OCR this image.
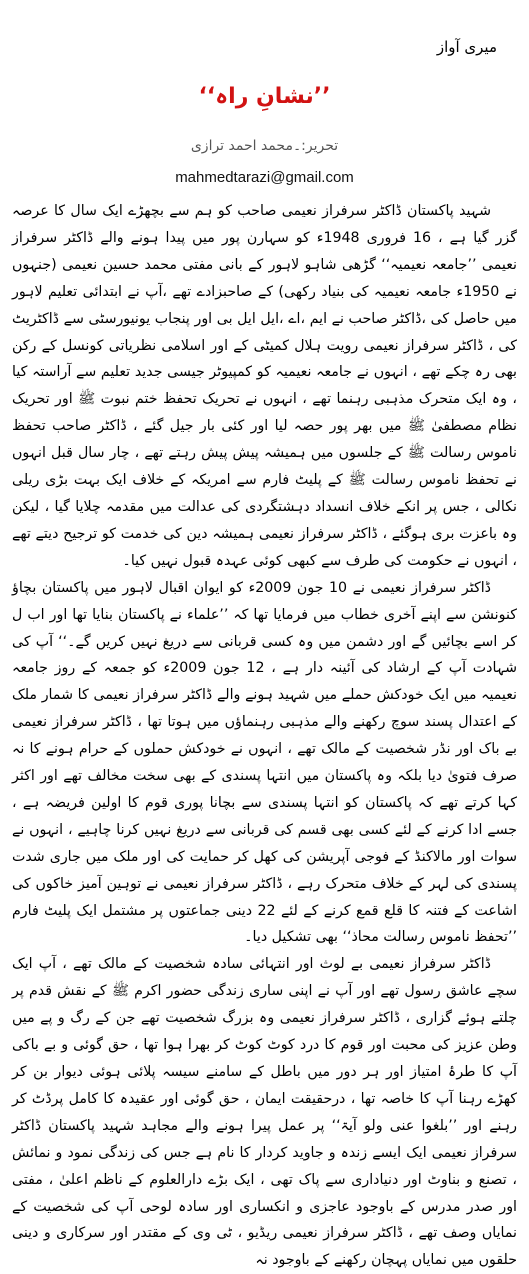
میری آواز
’’نشانِ راہ‘‘
تحریر:۔محمد احمد ترازی
mahmedtarazi@gmail.com

شہید پاکستان ڈاکٹر سرفراز نعیمی صاحب کو ہم سے بچھڑے ایک سال کا عرصہ گزر گیا ہے ، 16 فروری 1948ء کو سہارن پور میں پیدا ہونے والے ڈاکٹر سرفراز نعیمی ’’جامعہ نعیمیہ‘‘ گڑھی شاہو لاہور کے بانی مفتی محمد حسین نعیمی (جنہوں نے 1950ء جامعہ نعیمیہ کی بنیاد رکھی) کے صاحبزادے تھے ،آپ نے ابتدائی تعلیم لاہور میں حاصل کی ،ڈاکٹر صاحب نے ایم ،اے ،ایل ایل بی اور پنجاب یونیورسٹی سے ڈاکٹریٹ کی ، ڈاکٹر سرفراز نعیمی رویت ہلال کمیٹی کے اور اسلامی نظریاتی کونسل کے رکن بھی رہ چکے تھے ، انہوں نے جامعہ نعیمیہ کو کمپیوٹر جیسی جدید تعلیم سے آراستہ کیا ، وہ ایک متحرک مذہبی رہنما تھے ، انہوں نے تحریک تحفظ ختم نبوت ﷺ اور تحریک نظام مصطفیٰ ﷺ میں بھر پور حصہ لیا اور کئی بار جیل گئے ، ڈاکٹر صاحب تحفظ ناموس رسالت ﷺ کے جلسوں میں ہمیشہ پیش پیش رہتے تھے ، چار سال قبل انہوں نے تحفظ ناموس رسالت ﷺ کے پلیٹ فارم سے امریکہ کے خلاف ایک بہت بڑی ریلی نکالی ، جس پر انکے خلاف انسداد دہشتگردی کی عدالت میں مقدمہ چلایا گیا ، لیکن وہ باعزت بری ہوگئے ، ڈاکٹر سرفراز نعیمی ہمیشہ دین کی خدمت کو ترجیح دیتے تھے ، انہوں نے حکومت کی طرف سے کبھی کوئی عہدہ قبول نہیں کیا۔

ڈاکٹر سرفراز نعیمی نے 10 جون 2009ء کو ایوان اقبال لاہور میں پاکستان بچاؤ کنونشن سے اپنے آخری خطاب میں فرمایا تھا کہ ’’علماء نے پاکستان بنایا تھا اور اب ل کر اسے بچائیں گے اور دشمن میں وہ کسی قربانی سے دریغ نہیں کریں گے۔‘‘ آپ کی شہادت آپ کے ارشاد کی آئینہ دار ہے ، 12 جون 2009ء کو جمعہ کے روز جامعہ نعیمیہ میں ایک خودکش حملے میں شہید ہونے والے ڈاکٹر سرفراز نعیمی کا شمار ملک کے اعتدال پسند سوچ رکھنے والے مذہبی رہنماؤں میں ہوتا تھا ، ڈاکٹر سرفراز نعیمی بے باک اور نڈر شخصیت کے مالک تھے ، انہوں نے خودکش حملوں کے حرام ہونے کا نہ صرف فتویٰ دیا بلکہ وہ پاکستان میں انتہا پسندی کے بھی سخت مخالف تھے اور اکثر کہا کرتے تھے کہ پاکستان کو انتہا پسندی سے بچانا پوری قوم کا اولین فریضہ ہے ، جسے ادا کرنے کے لئے کسی بھی قسم کی قربانی سے دریغ نہیں کرنا چاہیے ، انہوں نے سوات اور مالاکنڈ کے فوجی آپریشن کی کھل کر حمایت کی اور ملک میں جاری شدت پسندی کی لہر کے خلاف متحرک رہے ، ڈاکٹر سرفراز نعیمی نے توہین آمیز خاکوں کی اشاعت کے فتنہ کا قلع قمع کرنے کے لئے 22 دینی جماعتوں پر مشتمل ایک پلیٹ فارم ’’تحفظ ناموس رسالت محاذ‘‘ بھی تشکیل دیا۔

ڈاکٹر سرفراز نعیمی بے لوث اور انتہائی سادہ شخصیت کے مالک تھے ، آپ ایک سچے عاشق رسول تھے اور آپ نے اپنی ساری زندگی حضور اکرم ﷺ کے نقش قدم پر چلتے ہوئے گزاری ، ڈاکٹر سرفراز نعیمی وہ بزرگ شخصیت تھے جن کے رگ و پے میں وطن عزیز کی محبت اور قوم کا درد کوٹ کوٹ کر بھرا ہوا تھا ، حق گوئی و بے باکی آپ کا طرۂ امتیاز اور ہر دور میں باطل کے سامنے سیسہ پلائی ہوئی دیوار بن کر کھڑے رہنا آپ کا خاصہ تھا ، درحقیقت ایمان ، حق گوئی اور عقیدہ کا کامل پرڈٹ کر رہنے اور ’’بلغوا عنی ولو آیۃ‘‘ پر عمل پیرا ہونے والے مجاہد شہید پاکستان ڈاکٹر سرفراز نعیمی ایک ایسے زندہ و جاوید کردار کا نام ہے جس کی زندگی نمود و نمائش ، تصنع و بناوٹ اور دنیاداری سے پاک تھی ، ایک بڑے دارالعلوم کے ناظم اعلیٰ ، مفتی اور صدر مدرس کے باوجود عاجزی و انکساری اور سادہ لوحی آپ کی شخصیت کے نمایاں وصف تھے ، ڈاکٹر سرفراز نعیمی ریڈیو ، ٹی وی کے مقتدر اور سرکاری و دینی حلقوں میں نمایاں پہچان رکھنے کے باوجود نہ
